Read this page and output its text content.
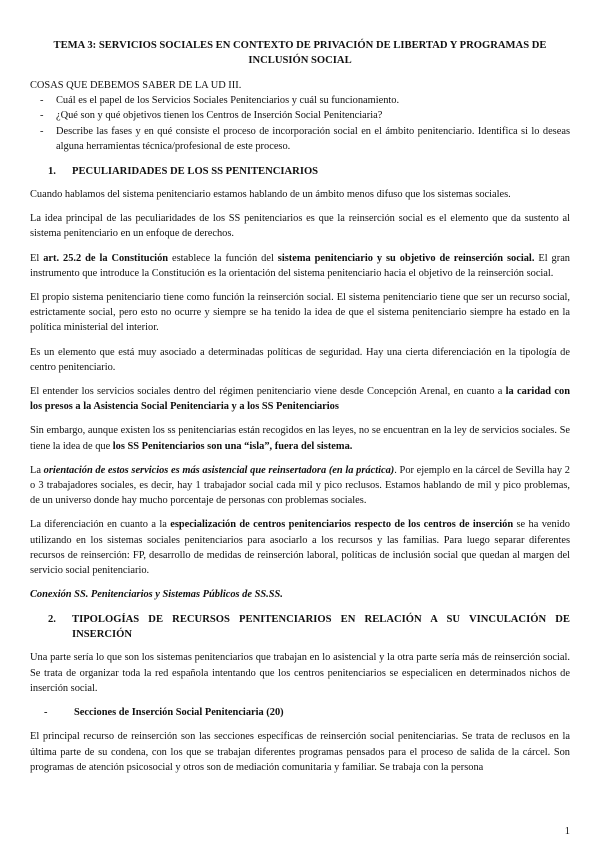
TEMA 3: SERVICIOS SOCIALES EN CONTEXTO DE PRIVACIÓN DE LIBERTAD Y PROGRAMAS DE INCLUSIÓN SOCIAL
COSAS QUE DEBEMOS SABER DE LA UD III.
- Cuál es el papel de los Servicios Sociales Penitenciarios y cuál su funcionamiento.
- ¿Qué son y qué objetivos tienen los Centros de Inserción Social Penitenciaria?
- Describe las fases y en qué consiste el proceso de incorporación social en el ámbito penitenciario. Identifica si lo deseas alguna herramientas técnica/profesional de este proceso.
1.	PECULIARIDADES DE LOS SS PENITENCIARIOS

Cuando hablamos del sistema penitenciario estamos hablando de un ámbito menos difuso que los sistemas sociales.

La idea principal de las peculiaridades de los SS penitenciarios es que la reinserción social es el elemento que da sustento al sistema penitenciario en un enfoque de derechos.

El art. 25.2 de la Constitución establece la función del sistema penitenciario y su objetivo de reinserción social. El gran instrumento que introduce la Constitución es la orientación del sistema penitenciario hacia el objetivo de la reinserción social.

El propio sistema penitenciario tiene como función la reinserción social. El sistema penitenciario tiene que ser un recurso social, estrictamente social, pero esto no ocurre y siempre se ha tenido la idea de que el sistema penitenciario siempre ha estado en la política ministerial del interior.

Es un elemento que está muy asociado a determinadas políticas de seguridad. Hay una cierta diferenciación en la tipología de centro penitenciario.

El entender los servicios sociales dentro del régimen penitenciario viene desde Concepción Arenal, en cuanto a la caridad con los presos a la Asistencia Social Penitenciaria y a los SS Penitenciarios

Sin embargo, aunque existen los ss penitenciarias están recogidos en las leyes, no se encuentran en la ley de servicios sociales. Se tiene la idea de que los SS Penitenciarios son una “isla”, fuera del sistema.

La orientación de estos servicios es más asistencial que reinsertadora (en la práctica). Por ejemplo en la cárcel de Sevilla hay 2 o 3 trabajadores sociales, es decir, hay 1 trabajador social cada mil y pico reclusos. Estamos hablando de mil y pico problemas, de un universo donde hay mucho porcentaje de personas con problemas sociales.

La diferenciación en cuanto a la especialización de centros penitenciarios respecto de los centros de inserción se ha venido utilizando en los sistemas sociales penitenciarios para asociarlo a los recursos y las familias. Para luego separar diferentes recursos de reinserción: FP, desarrollo de medidas de reinserción laboral, políticas de inclusión social que quedan al margen del servicio social penitenciario.

Conexión SS. Penitenciarios y Sistemas Públicos de SS.SS.
2.	TIPOLOGÍAS DE RECURSOS PENITENCIARIOS EN RELACIÓN A SU VINCULACIÓN DE INSERCIÓN

Una parte sería lo que son los sistemas penitenciarios que trabajan en lo asistencial y la otra parte sería más de reinserción social. Se trata de organizar toda la red española intentando que los centros penitenciarios se especialicen en determinados nichos de inserción social.

-	Secciones de Inserción Social Penitenciaria (20)

El principal recurso de reinserción son las secciones específicas de reinserción social penitenciarias. Se trata de reclusos en la última parte de su condena, con los que se trabajan diferentes programas pensados para el proceso de salida de la cárcel. Son programas de atención psicosocial y otros son de mediación comunitaria y familiar. Se trabaja con la persona

1
